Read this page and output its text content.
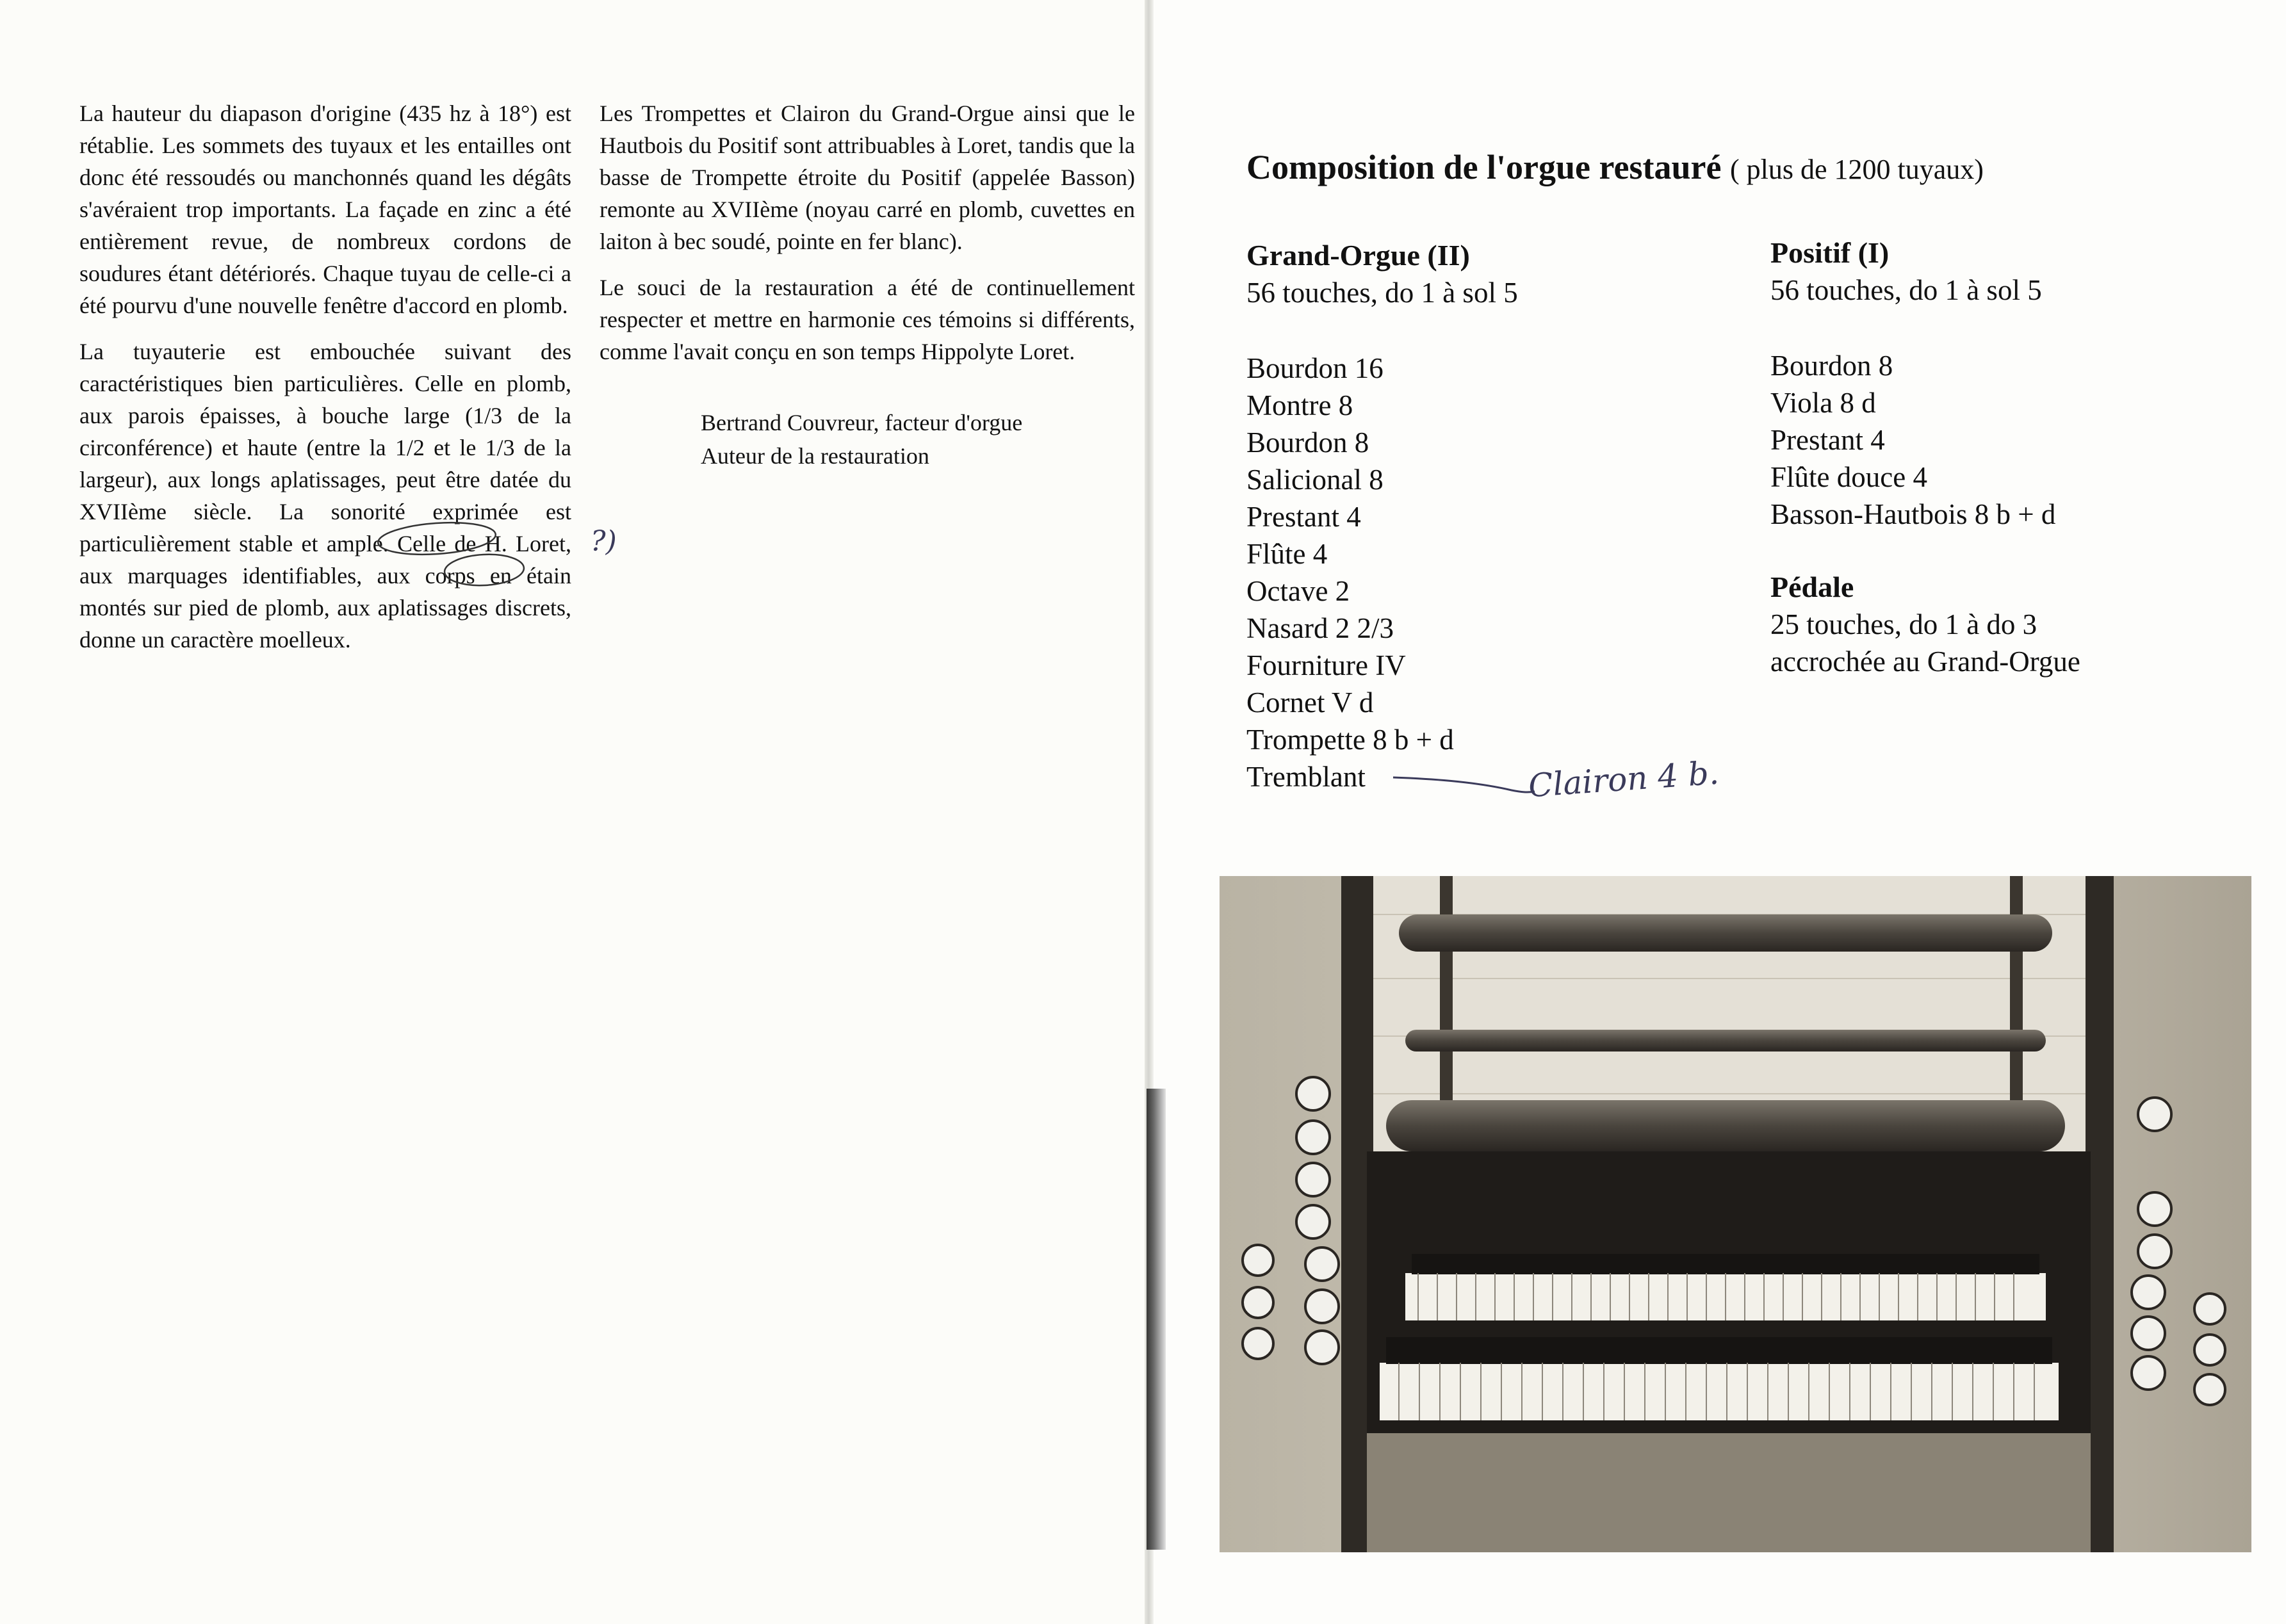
La hauteur du diapason d'origine (435 hz à 18°) est rétablie. Les sommets des tuyaux et les entailles ont donc été ressoudés ou manchonnés quand les dégâts s'avéraient trop importants. La façade en zinc a été entièrement revue, de nombreux cordons de soudures étant détériorés. Chaque tuyau de celle-ci a été pourvu d'une nouvelle fenêtre d'accord en plomb.

La tuyauterie est embouchée suivant des caractéristiques bien particulières. Celle en plomb, aux parois épaisses, à bouche large (1/3 de la circonférence) et haute (entre la 1/2 et le 1/3 de la largeur), aux longs aplatissages, peut être datée du XVIIème siècle. La sonorité exprimée est particulièrement stable et ample. Celle de H. Loret, aux marquages identifiables, aux corps en étain montés sur pied de plomb, aux aplatissages discrets, donne un caractère moelleux.

Les Trompettes et Clairon du Grand-Orgue ainsi que le Hautbois du Positif sont attribuables à Loret, tandis que la basse de Trompette étroite du Positif (appelée Basson) remonte au XVIIème (noyau carré en plomb, cuvettes en laiton à bec soudé, pointe en fer blanc).

Le souci de la restauration a été de continuellement respecter et mettre en harmonie ces témoins si différents, comme l'avait conçu en son temps Hippolyte Loret.

Bertrand Couvreur, facteur d'orgue
Auteur de la restauration
?)
Composition de l'orgue restauré ( plus de 1200 tuyaux)
Grand-Orgue (II)
56 touches, do 1 à sol 5
Bourdon 16
Montre 8
Bourdon 8
Salicional 8
Prestant 4
Flûte 4
Octave 2
Nasard 2 2/3
Fourniture IV
Cornet V d
Trompette 8 b + d
Tremblant
Positif (I)
56 touches, do 1 à sol 5
Bourdon 8
Viola 8 d
Prestant 4
Flûte douce 4
Basson-Hautbois 8 b + d
Pédale
25 touches, do 1 à do 3
accrochée au Grand-Orgue
Clairon 4 b.
